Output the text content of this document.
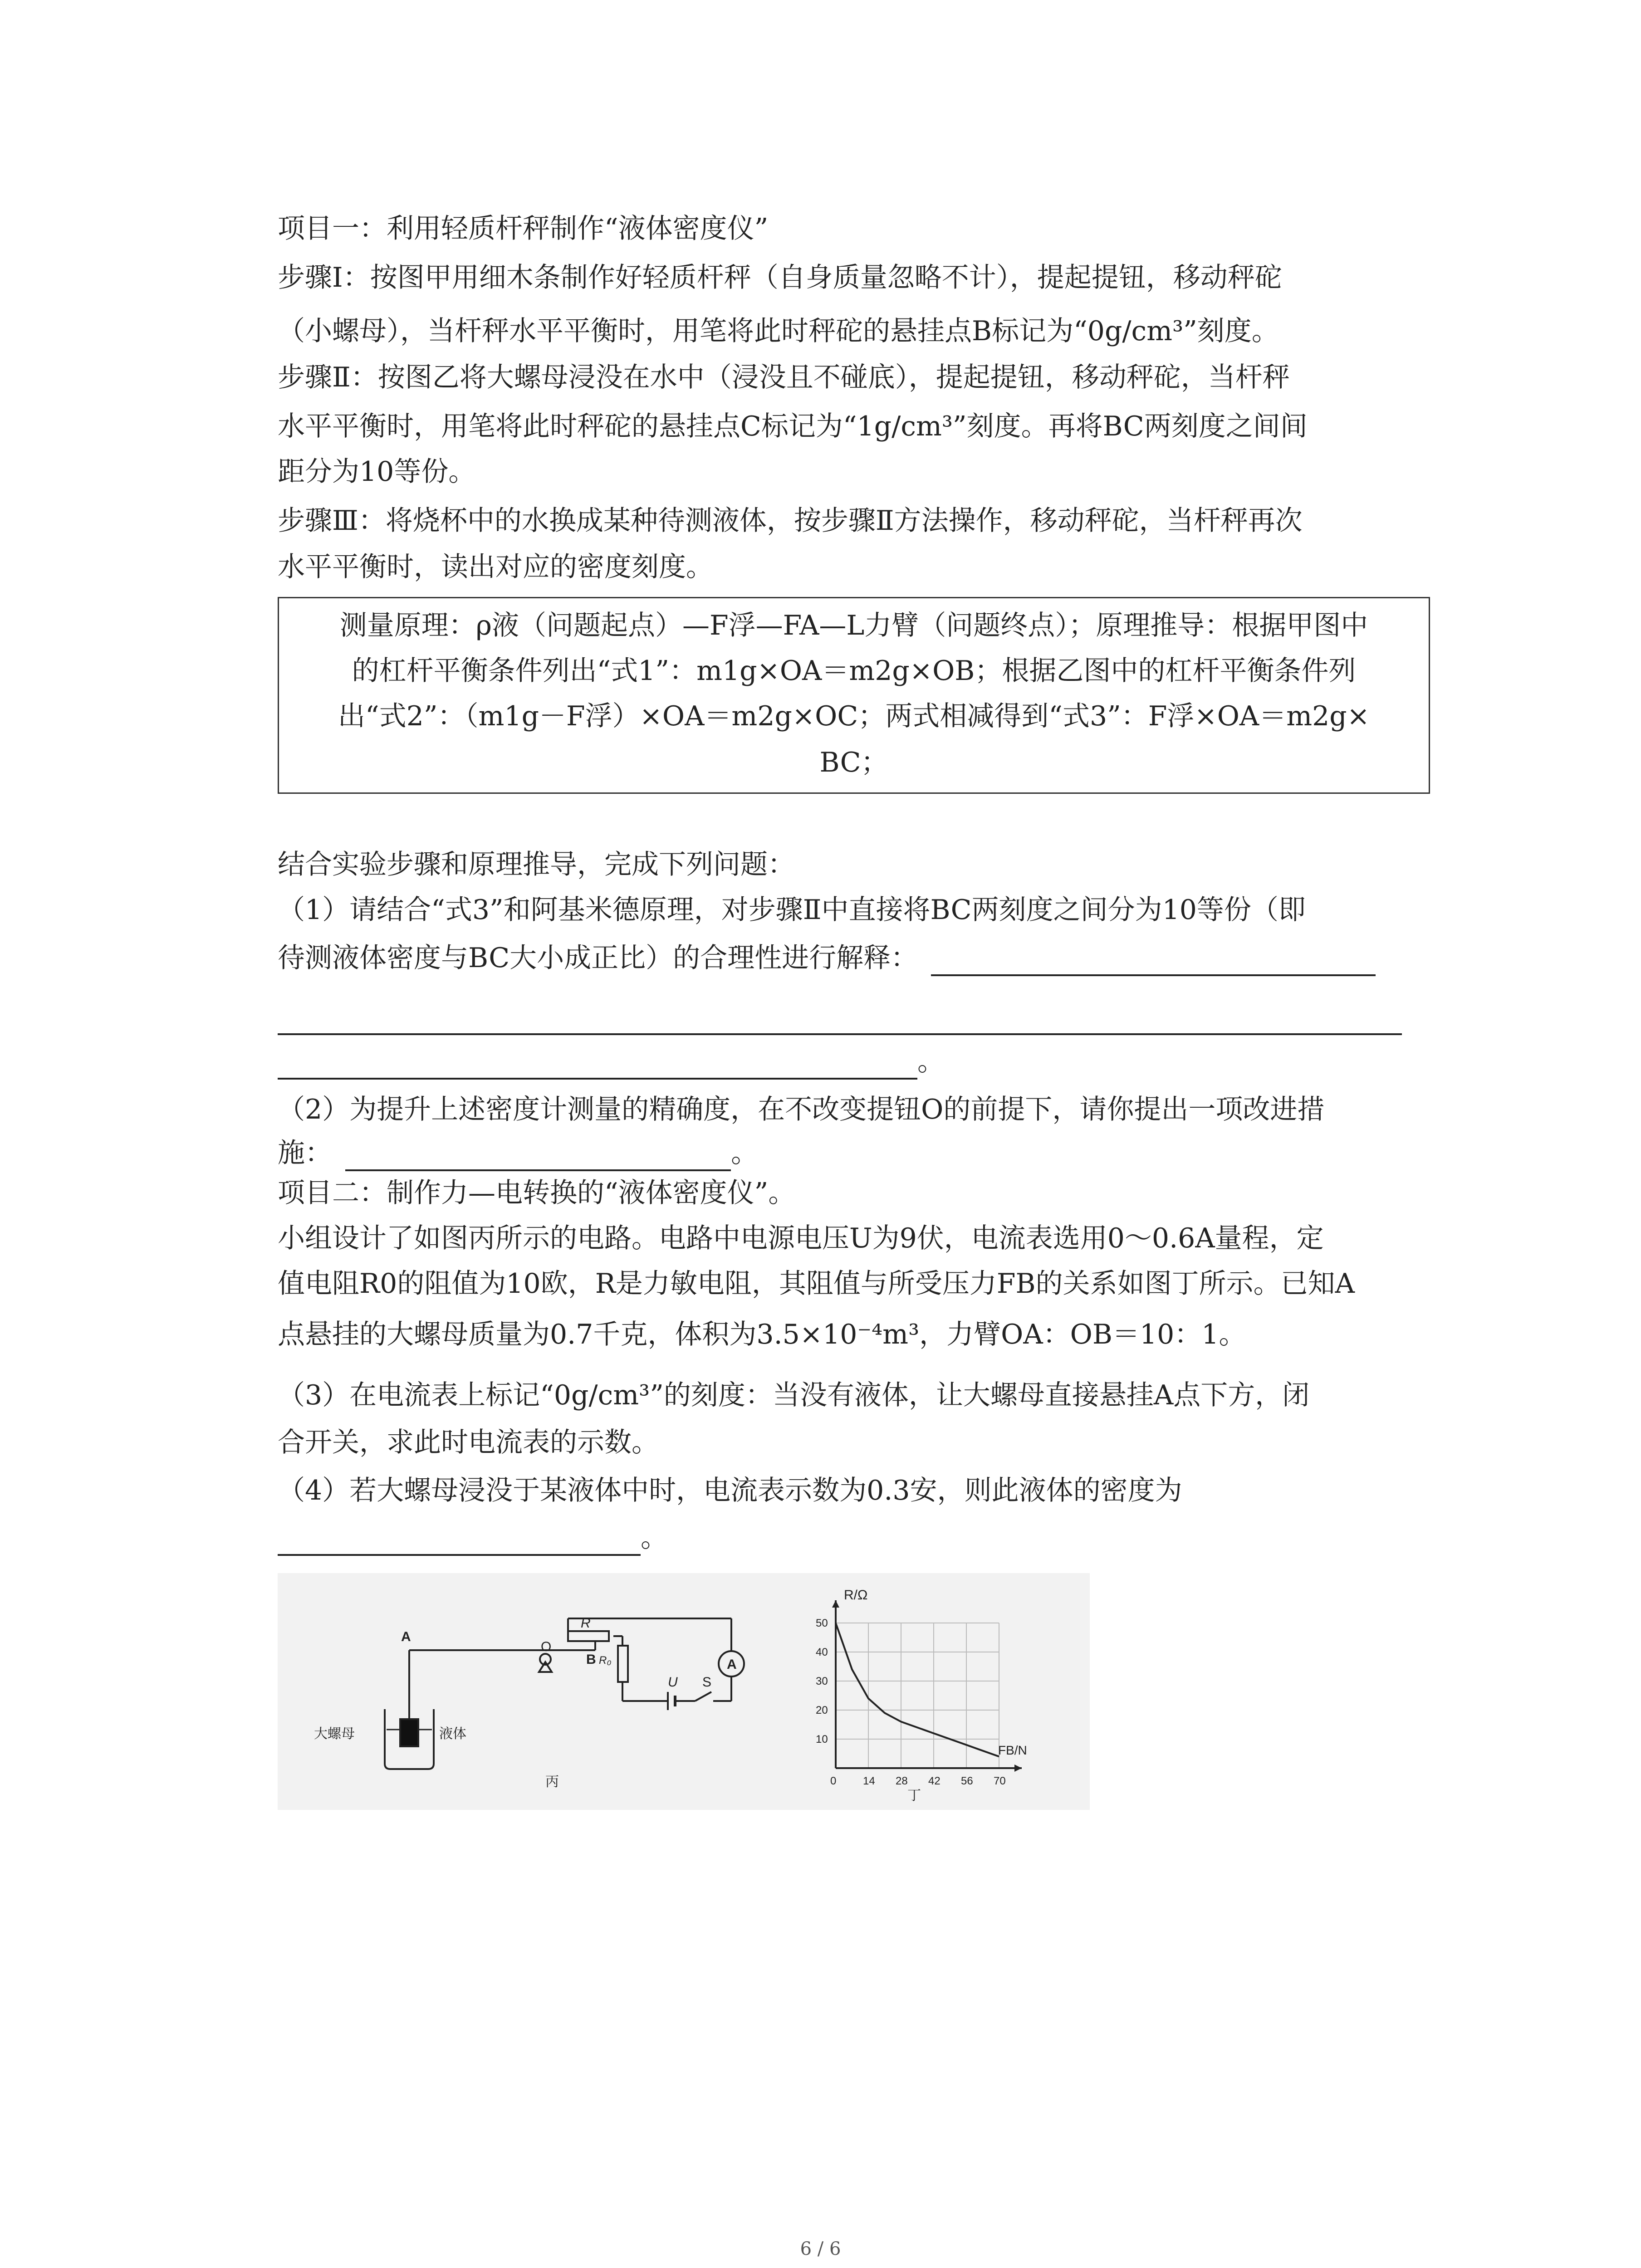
项目一：利用轻质杆秤制作“液体密度仪”

步骤I：按图甲用细木条制作好轻质杆秤（自身质量忽略不计），提起提钮，移动秤砣

（小螺母），当杆秤水平平衡时，用笔将此时秤砣的悬挂点B标记为“0g/cm³”刻度。

步骤Ⅱ：按图乙将大螺母浸没在水中（浸没且不碰底），提起提钮，移动秤砣，当杆秤

水平平衡时，用笔将此时秤砣的悬挂点C标记为“1g/cm³”刻度。再将BC两刻度之间间

距分为10等份。

步骤Ⅲ：将烧杯中的水换成某种待测液体，按步骤Ⅱ方法操作，移动秤砣，当杆秤再次

水平平衡时，读出对应的密度刻度。

测量原理：ρ液（问题起点）—F浮—FA—L力臂（问题终点）；原理推导：根据甲图中

的杠杆平衡条件列出“式1”：m1g×OA＝m2g×OB；根据乙图中的杠杆平衡条件列

出“式2”：（m1g－F浮）×OA＝m2g×OC；两式相减得到“式3”：F浮×OA＝m2g×

BC；

结合实验步骤和原理推导，完成下列问题：

（1）请结合“式3”和阿基米德原理，对步骤Ⅱ中直接将BC两刻度之间分为10等份（即

待测液体密度与BC大小成正比）的合理性进行解释：

。

（2）为提升上述密度计测量的精确度，在不改变提钮O的前提下，请你提出一项改进措

施：	。

项目二：制作力—电转换的“液体密度仪”。

小组设计了如图丙所示的电路。电路中电源电压U为9伏，电流表选用0～0.6A量程，定

值电阻R0的阻值为10欧，R是力敏电阻，其阻值与所受压力FB的关系如图丁所示。已知A

点悬挂的大螺母质量为0.7千克，体积为3.5×10⁻⁴m³，力臂OA：OB＝10：1。

（3）在电流表上标记“0g/cm³”的刻度：当没有液体，让大螺母直接悬挂A点下方，闭

合开关，求此时电流表的示数。

（4）若大螺母浸没于某液体中时，电流表示数为0.3安，则此液体的密度为

。

A
B
O
R
R₀
U S
A
大螺母	液体
丙	0 14 28 42 56 70
10
20
30
40
50
R/Ω
FB/N
丁
6 / 6
